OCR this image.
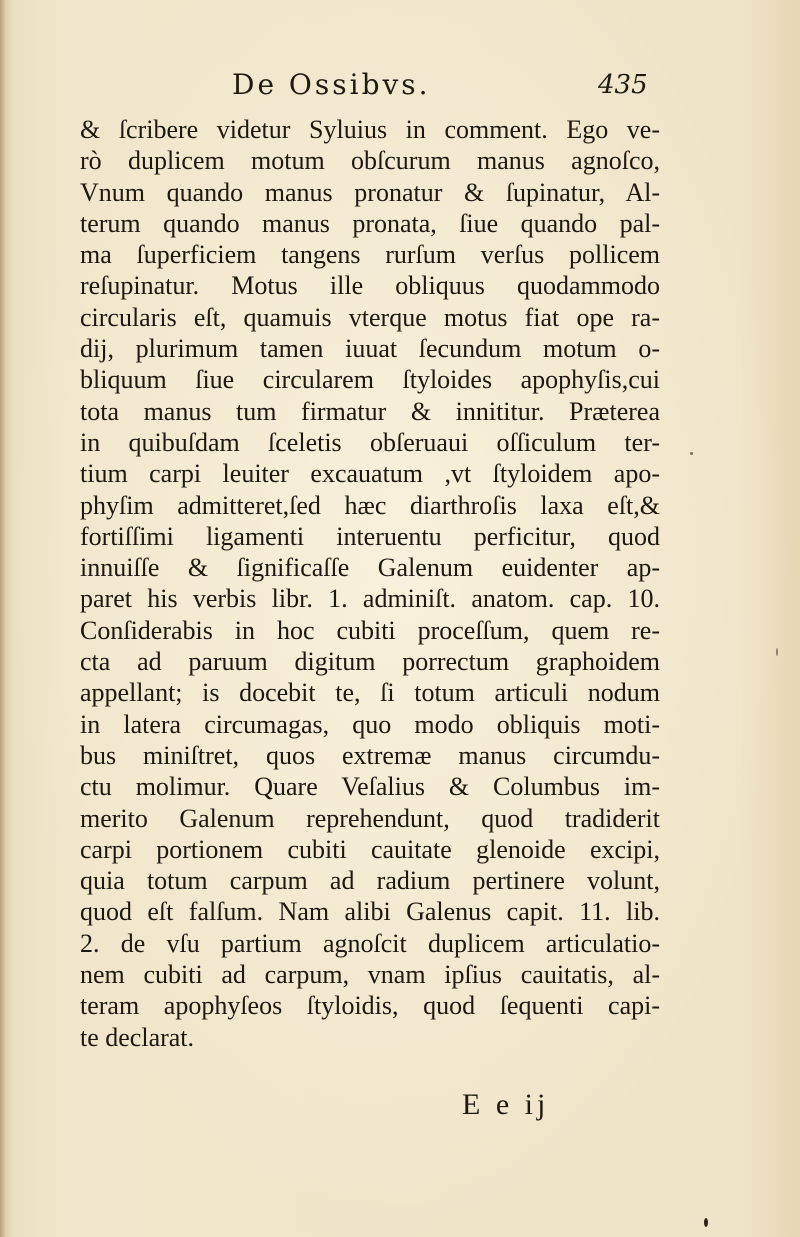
De Ossibvs.	435
& ſcribere videtur Syluius in comment. Ego ve-
rò duplicem motum obſcurum manus agnoſco,
Vnum quando manus pronatur & ſupinatur, Al-
terum quando manus pronata, ſiue quando pal-
ma ſuperficiem tangens rurſum verſus pollicem
reſupinatur. Motus ille obliquus quodammodo
circularis eſt, quamuis vterque motus fiat ope ra-
dij, plurimum tamen iuuat ſecundum motum o-
bliquum ſiue circularem ſtyloides apophyſis,cui
tota manus tum firmatur & innititur. Præterea
in quibuſdam ſceletis obſeruaui oſſiculum ter-
tium carpi leuiter excauatum ,vt ſtyloidem apo-
phyſim admitteret,ſed hæc diarthroſis laxa eſt,&
fortiſſimi ligamenti interuentu perficitur, quod
innuiſſe & ſignificaſſe Galenum euidenter ap-
paret his verbis libr. 1. adminiſt. anatom. cap. 10.
Conſiderabis in hoc cubiti proceſſum, quem re-
cta ad paruum digitum porrectum graphoidem
appellant; is docebit te, ſi totum articuli nodum
in latera circumagas, quo modo obliquis moti-
bus miniſtret, quos extremæ manus circumdu-
ctu molimur. Quare Veſalius & Columbus im-
merito Galenum reprehendunt, quod tradiderit
carpi portionem cubiti cauitate glenoide excipi,
quia totum carpum ad radium pertinere volunt,
quod eſt falſum. Nam alibi Galenus capit. 11. lib.
2. de vſu partium agnoſcit duplicem articulatio-
nem cubiti ad carpum, vnam ipſius cauitatis, al-
teram apophyſeos ſtyloidis, quod ſequenti capi-
te declarat.
E e ij
